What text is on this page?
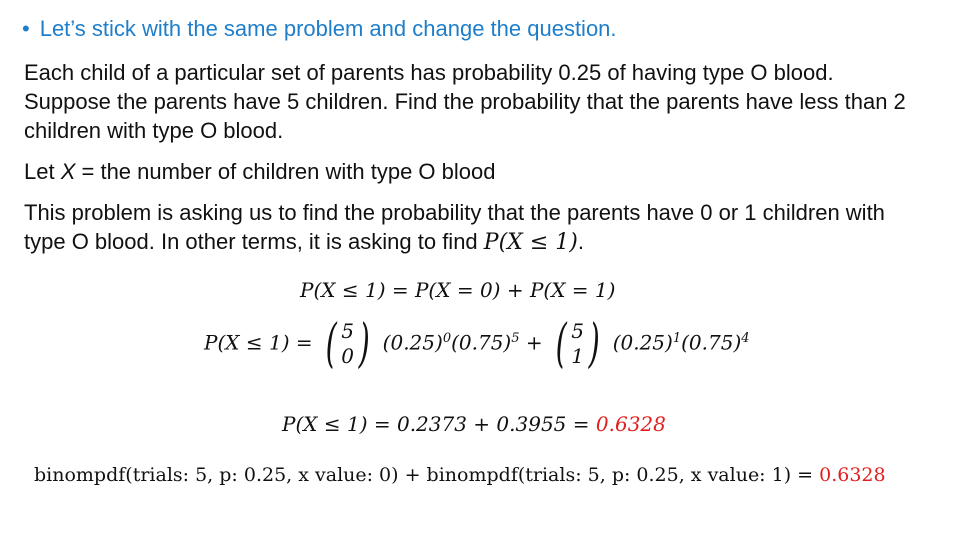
• Let’s stick with the same problem and change the question.
Each child of a particular set of parents has probability 0.25 of having type O blood. Suppose the parents have 5 children. Find the probability that the parents have less than 2 children with type O blood.
Let X = the number of children with type O blood
This problem is asking us to find the probability that the parents have 0 or 1 children with type O blood. In other terms, it is asking to find P(X ≤ 1).
P(X ≤ 1) = P(X = 0) + P(X = 1)
P(X ≤ 1) = ( 5
0 ) $(0.25)^0(0.75)^5$ + ( 5
1 ) $(0.25)^1(0.75)^4$
P(X ≤ 1) = 0.2373 + 0.3955 = 0.6328
binompdf(trials: 5, p: 0.25, x value: 0) + binompdf(trials: 5, p: 0.25, x value: 1) = 0.6328
